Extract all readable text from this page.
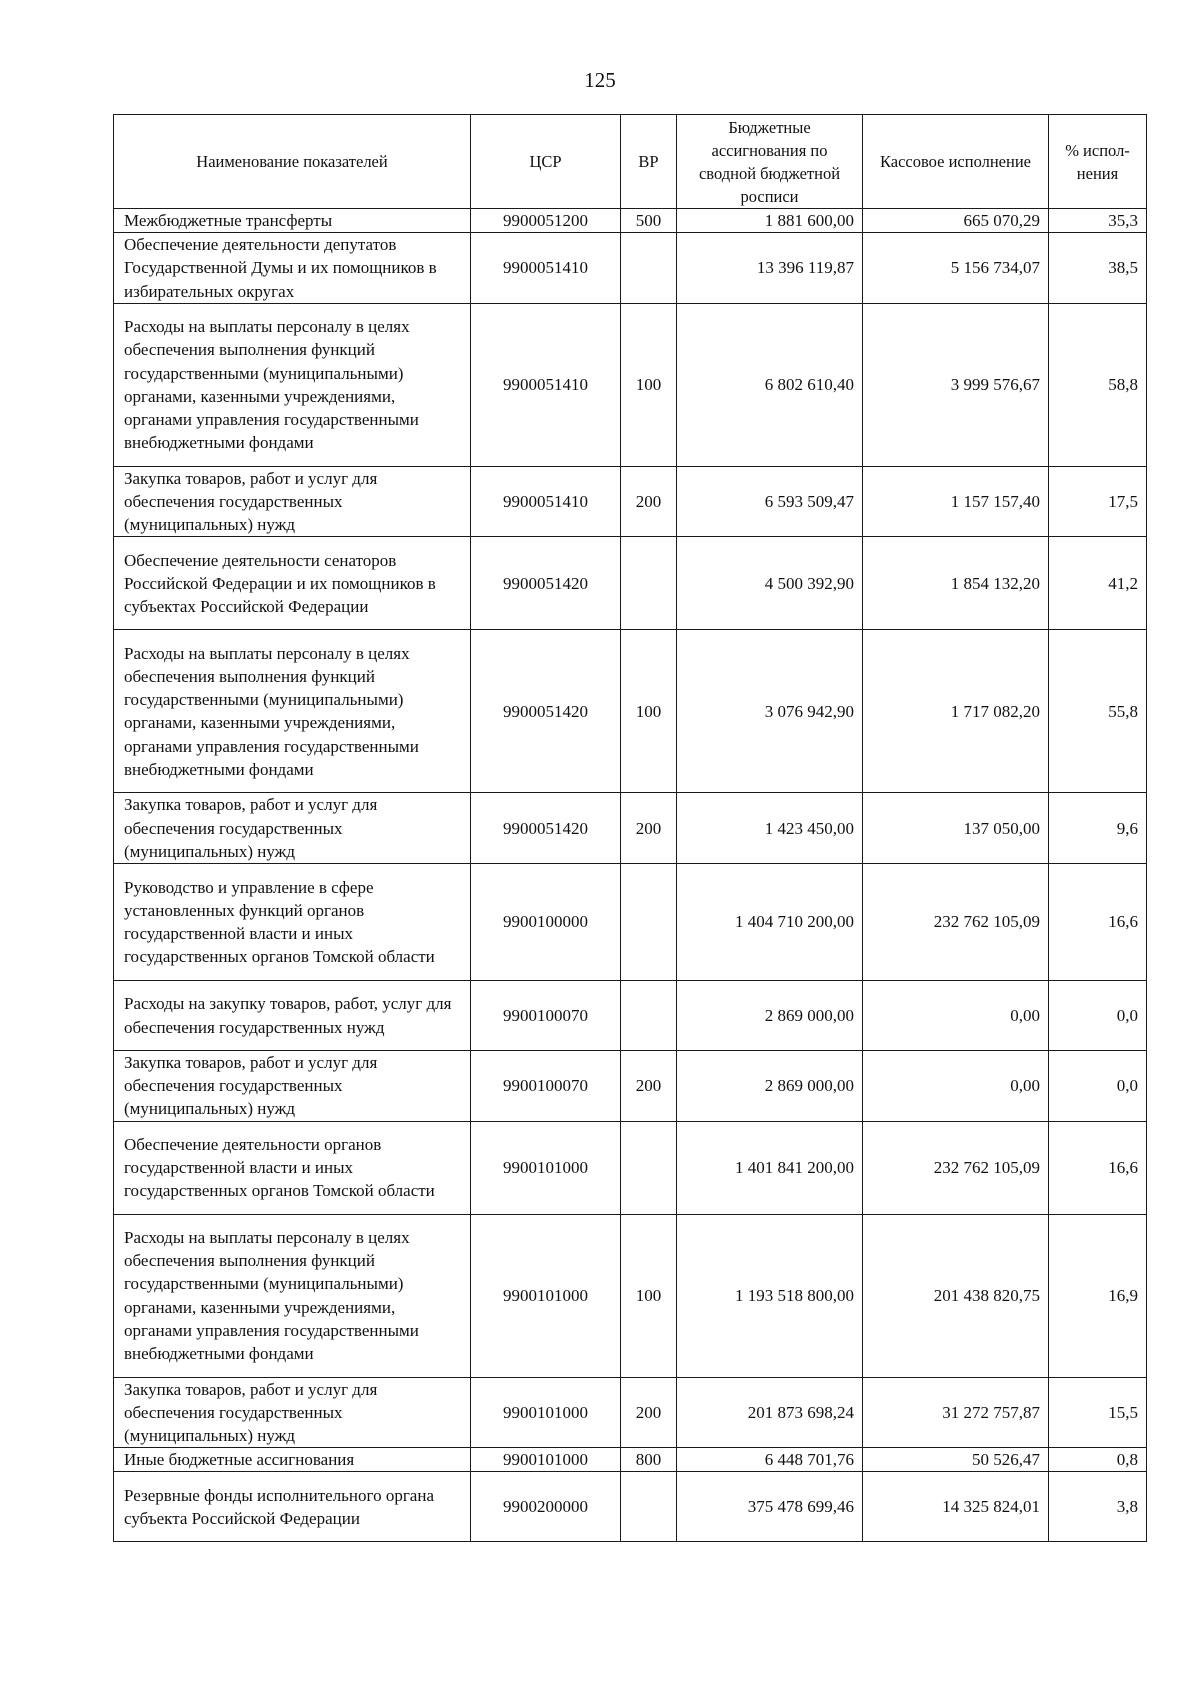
125
Наименование показателей	ЦСР	ВР	Бюджетные ассигнования по сводной бюджетной росписи	Кассовое исполнение	% испол-нения
Межбюджетные трансферты	9900051200	500	1 881 600,00	665 070,29	35,3
Обеспечение деятельности депутатов Государственной Думы и их помощников в избирательных округах	9900051410		13 396 119,87	5 156 734,07	38,5
Расходы на выплаты персоналу в целях обеспечения выполнения функций государственными (муниципальными) органами, казенными учреждениями, органами управления государственными внебюджетными фондами	9900051410	100	6 802 610,40	3 999 576,67	58,8
Закупка товаров, работ и услуг для обеспечения государственных (муниципальных) нужд	9900051410	200	6 593 509,47	1 157 157,40	17,5
Обеспечение деятельности сенаторов Российской Федерации и их помощников в субъектах Российской Федерации	9900051420		4 500 392,90	1 854 132,20	41,2
Расходы на выплаты персоналу в целях обеспечения выполнения функций государственными (муниципальными) органами, казенными учреждениями, органами управления государственными внебюджетными фондами	9900051420	100	3 076 942,90	1 717 082,20	55,8
Закупка товаров, работ и услуг для обеспечения государственных (муниципальных) нужд	9900051420	200	1 423 450,00	137 050,00	9,6
Руководство и управление в сфере установленных функций органов государственной власти и иных государственных органов Томской области	9900100000		1 404 710 200,00	232 762 105,09	16,6
Расходы на закупку товаров, работ, услуг для обеспечения государственных нужд	9900100070		2 869 000,00	0,00	0,0
Закупка товаров, работ и услуг для обеспечения государственных (муниципальных) нужд	9900100070	200	2 869 000,00	0,00	0,0
Обеспечение деятельности органов государственной власти и иных государственных органов Томской области	9900101000		1 401 841 200,00	232 762 105,09	16,6
Расходы на выплаты персоналу в целях обеспечения выполнения функций государственными (муниципальными) органами, казенными учреждениями, органами управления государственными внебюджетными фондами	9900101000	100	1 193 518 800,00	201 438 820,75	16,9
Закупка товаров, работ и услуг для обеспечения государственных (муниципальных) нужд	9900101000	200	201 873 698,24	31 272 757,87	15,5
Иные бюджетные ассигнования	9900101000	800	6 448 701,76	50 526,47	0,8
Резервные фонды исполнительного органа субъекта Российской Федерации	9900200000		375 478 699,46	14 325 824,01	3,8
